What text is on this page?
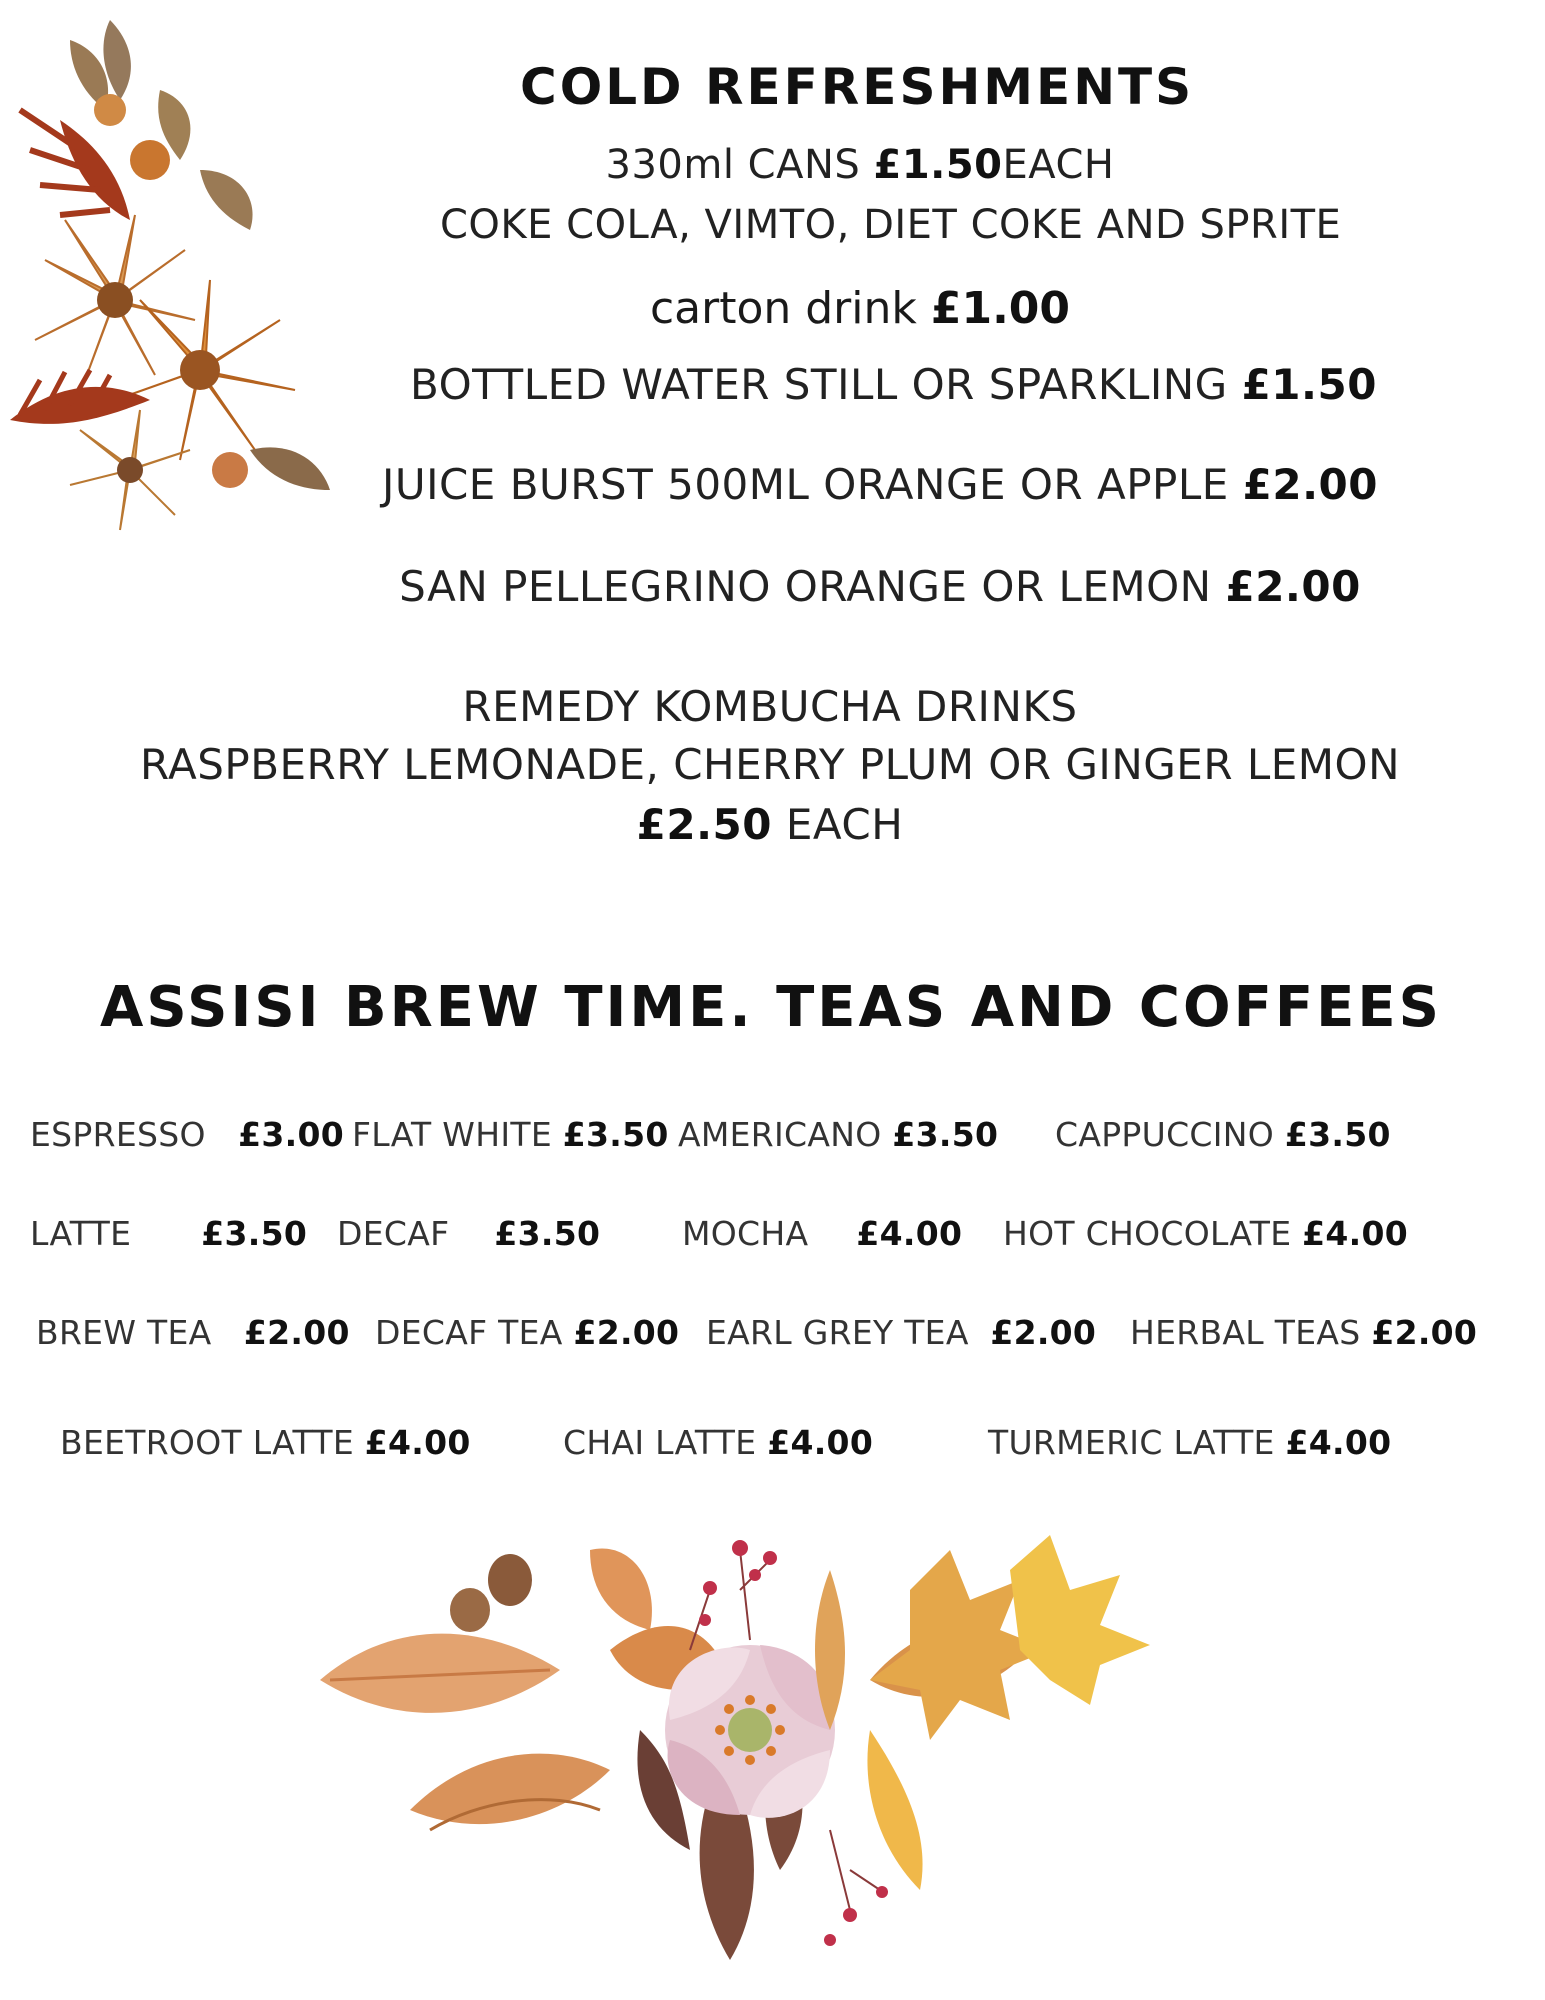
COLD REFRESHMENTS
330ml CANS £1.50EACH
COKE COLA, VIMTO, DIET COKE AND SPRITE
carton drink £1.00
BOTTLED WATER STILL OR SPARKLING £1.50
JUICE BURST 500ML ORANGE OR APPLE £2.00
SAN PELLEGRINO ORANGE OR LEMON £2.00
REMEDY KOMBUCHA DRINKS
RASPBERRY LEMONADE, CHERRY PLUM OR GINGER LEMON
£2.50 EACH
ASSISI BREW TIME. TEAS AND COFFEES
ESPRESSO £3.00 FLAT WHITE £3.50 AMERICANO £3.50 CAPPUCCINO £3.50
LATTE £3.50 DECAF £3.50 MOCHA £4.00 HOT CHOCOLATE £4.00
BREW TEA £2.00 DECAF TEA £2.00 EARL GREY TEA £2.00 HERBAL TEAS £2.00
BEETROOT LATTE £4.00	CHAI LATTE £4.00	TURMERIC LATTE £4.00
